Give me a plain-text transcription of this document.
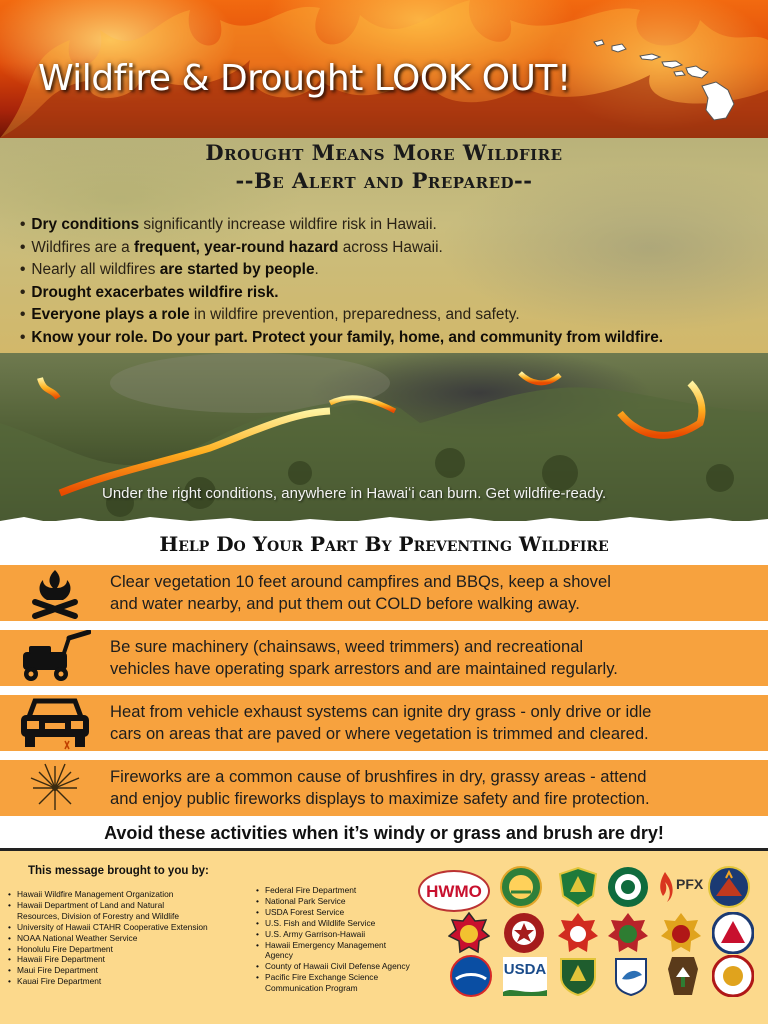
Wildfire & Drought LOOK OUT!
Drought Means More Wildfire
--Be Alert and Prepared--
• Dry conditions significantly increase wildfire risk in Hawaii.
• Wildfires are a frequent, year-round hazard across Hawaii.
• Nearly all wildfires are started by people.
• Drought exacerbates wildfire risk.
• Everyone plays a role in wildfire prevention, preparedness, and safety.
• Know your role. Do your part. Protect your family, home, and community from wildfire.
Under the right conditions, anywhere in Hawaiʻi can burn. Get wildfire-ready.
Help Do Your Part By Preventing Wildfire
Clear vegetation 10 feet around campfires and BBQs, keep a shovel
and water nearby, and put them out COLD before walking away.
Be sure machinery (chainsaws, weed trimmers) and recreational
vehicles have operating spark arrestors and are maintained regularly.
Heat from vehicle exhaust systems can ignite dry grass - only drive or idle
cars on areas that are paved or where vegetation is trimmed and cleared.
Fireworks are a common cause of brushfires in dry, grassy areas - attend
and enjoy public fireworks displays to maximize safety and fire protection.
Avoid these activities when it’s windy or grass and brush are dry!
This message brought to you by:
• Hawaii Wildfire Management Organization
• Hawaii Department of Land and Natural
Resources, Division of Forestry and Wildlife
• University of Hawaii CTAHR Cooperative Extension
• NOAA National Weather Service
• Honolulu Fire Department
• Hawaii Fire Department
• Maui Fire Department
• Kauai Fire Department
• Federal Fire Department
• National Park Service
• USDA Forest Service
• U.S. Fish and Wildlife Service
• U.S. Army Garrison-Hawaii
• Hawaii Emergency Management
Agency
• County of Hawaii Civil Defense Agency
• Pacific Fire Exchange Science
Communication Program
HWMO	PFX
USDA
